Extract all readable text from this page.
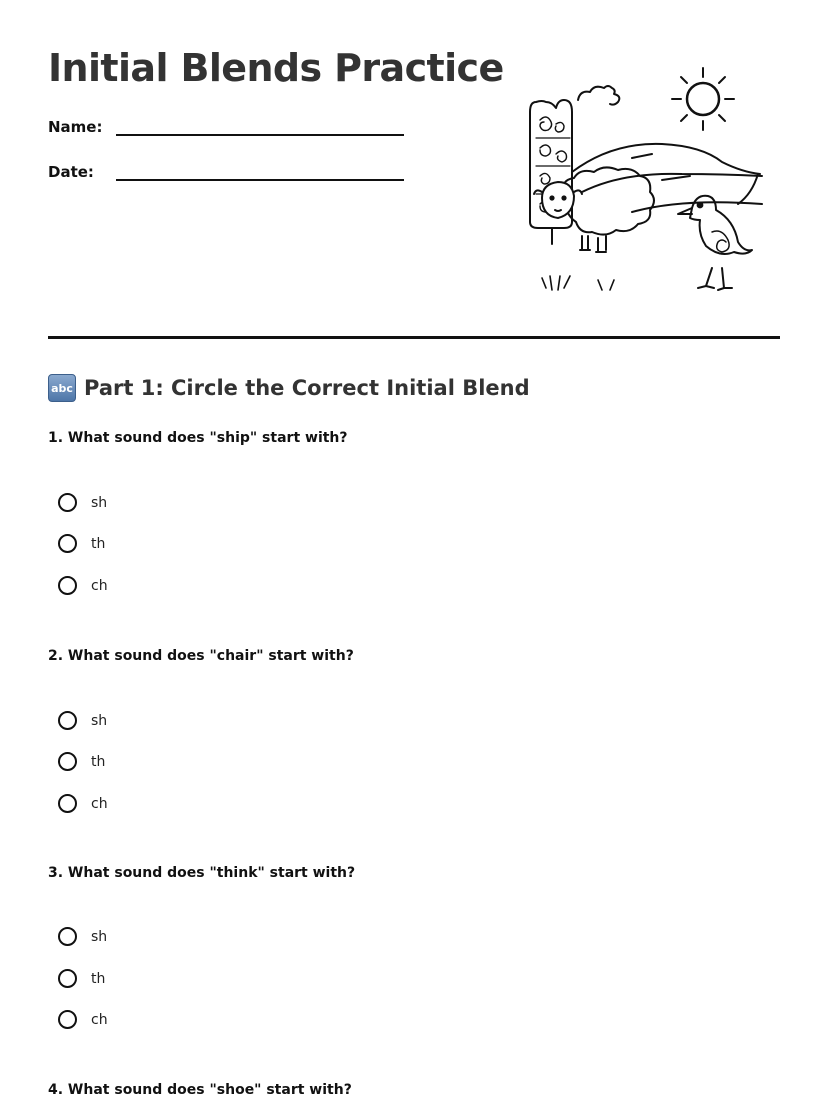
Initial Blends Practice
Name:
Date:
abc Part 1: Circle the Correct Initial Blend

1. What sound does "ship" start with?

sh
th
ch

2. What sound does "chair" start with?

sh
th
ch

3. What sound does "think" start with?

sh
th
ch

4. What sound does "shoe" start with?
